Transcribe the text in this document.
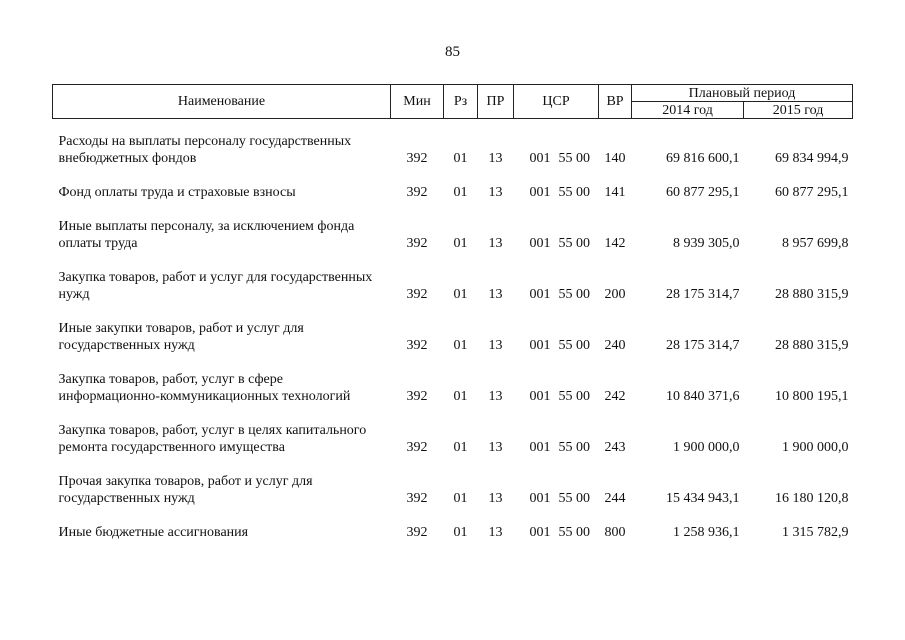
85
Наименование	Мин	Рз	ПР	ЦСР		ВР	Плановый период	
							2014 год	2015 год

Расходы на выплаты персоналу государственных внебюджетных фондов	392	01	13	001	55 00	140	69 816 600,1	69 834 994,9
Фонд оплаты труда и страховые взносы	392	01	13	001	55 00	141	60 877 295,1	60 877 295,1
Иные выплаты персоналу, за исключением фонда оплаты труда	392	01	13	001	55 00	142	8 939 305,0	8 957 699,8
Закупка товаров, работ и услуг для государственных нужд	392	01	13	001	55 00	200	28 175 314,7	28 880 315,9
Иные закупки товаров, работ и услуг для государственных нужд	392	01	13	001	55 00	240	28 175 314,7	28 880 315,9
Закупка товаров, работ, услуг в сфере информационно-коммуникационных технологий	392	01	13	001	55 00	242	10 840 371,6	10 800 195,1
Закупка товаров, работ, услуг в целях капитального ремонта государственного имущества	392	01	13	001	55 00	243	1 900 000,0	1 900 000,0
Прочая закупка товаров, работ и услуг для государственных нужд	392	01	13	001	55 00	244	15 434 943,1	16 180 120,8
Иные бюджетные ассигнования	392	01	13	001	55 00	800	1 258 936,1	1 315 782,9
